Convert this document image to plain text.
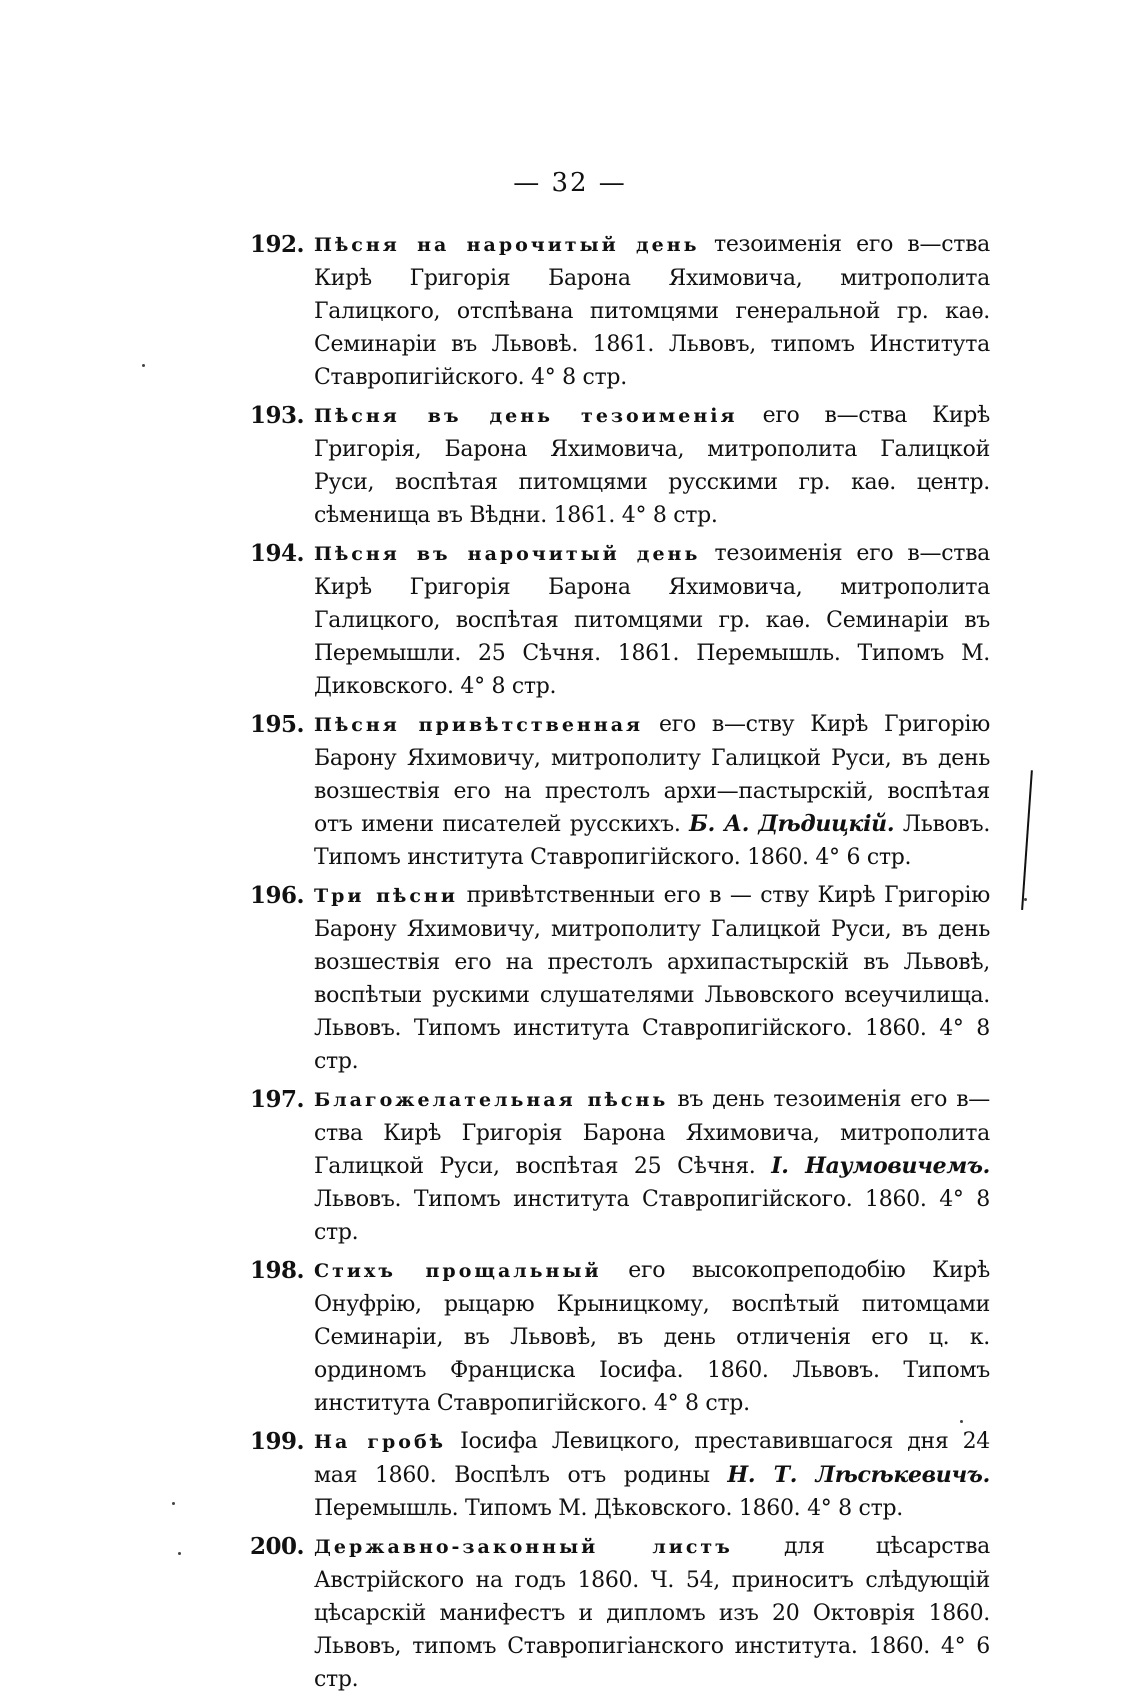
— 32 —
192. Пѣсня на нарочитый день тезоименія его в—ства Кирѣ Григорія Барона Яхимовича, митрополита Галицкого, отспѣвана питомцями генеральной гр. каѳ. Семинаріи въ Львовѣ. 1861. Львовъ, типомъ Института Ставропигійского. 4° 8 стр.
193. Пѣсня въ день тезоименія его в—ства Кирѣ Григорія, Барона Яхимовича, митрополита Галицкой Руси, воспѣтая питомцями русскими гр. каѳ. центр. сѣменища въ Вѣдни. 1861. 4° 8 стр.
194. Пѣсня въ нарочитый день тезоименія его в—ства Кирѣ Григорія Барона Яхимовича, митрополита Галицкого, воспѣтая питомцями гр. каѳ. Семинаріи въ Перемышли. 25 Сѣчня. 1861. Перемышль. Типомъ М. Диковского. 4° 8 стр.
195. Пѣсня привѣтственная его в—ству Кирѣ Григорію Барону Яхимовичу, митрополиту Галицкой Руси, въ день возшествія его на престолъ архи—пастырскій, воспѣтая отъ имени писателей русскихъ. Б. А. Дѣдицкій. Львовъ. Типомъ института Ставропигійского. 1860. 4° 6 стр.
196. Три пѣсни привѣтственныи его в — ству Кирѣ Григорію Барону Яхимовичу, митрополиту Галицкой Руси, въ день возшествія его на престолъ архипастырскій въ Львовѣ, воспѣтыи рускими слушателями Львовского всеучилища. Львовъ. Типомъ института Ставропигійского. 1860. 4° 8 стр.
197. Благожелательная пѣснь въ день тезоименія его в—ства Кирѣ Григорія Барона Яхимовича, митрополита Галицкой Руси, воспѣтая 25 Сѣчня. І. Наумовичемъ. Львовъ. Типомъ института Ставропигійского. 1860. 4° 8 стр.
198. Стихъ прощальный его высокопреподобію Кирѣ Онуфрію, рыцарю Крыницкому, воспѣтый питомцами Семинаріи, въ Львовѣ, въ день отличенія его ц. к. ординомъ Франциска Іосифа. 1860. Львовъ. Типомъ института Ставропигійского. 4° 8 стр.
199. На гробѣ Іосифа Левицкого, преставившагося дня 24 мая 1860. Воспѣлъ отъ родины Н. Т. Лѣсѣкевичъ. Перемышль. Типомъ М. Дѣковского. 1860. 4° 8 стр.
200. Державно-законный листъ для цѣсарства Австрійского на годъ 1860. Ч. 54, приноситъ слѣдующій цѣсарскій манифестъ и дипломъ изъ 20 Октоврія 1860. Львовъ, типомъ Ставропигіанского института. 1860. 4° 6 стр.
